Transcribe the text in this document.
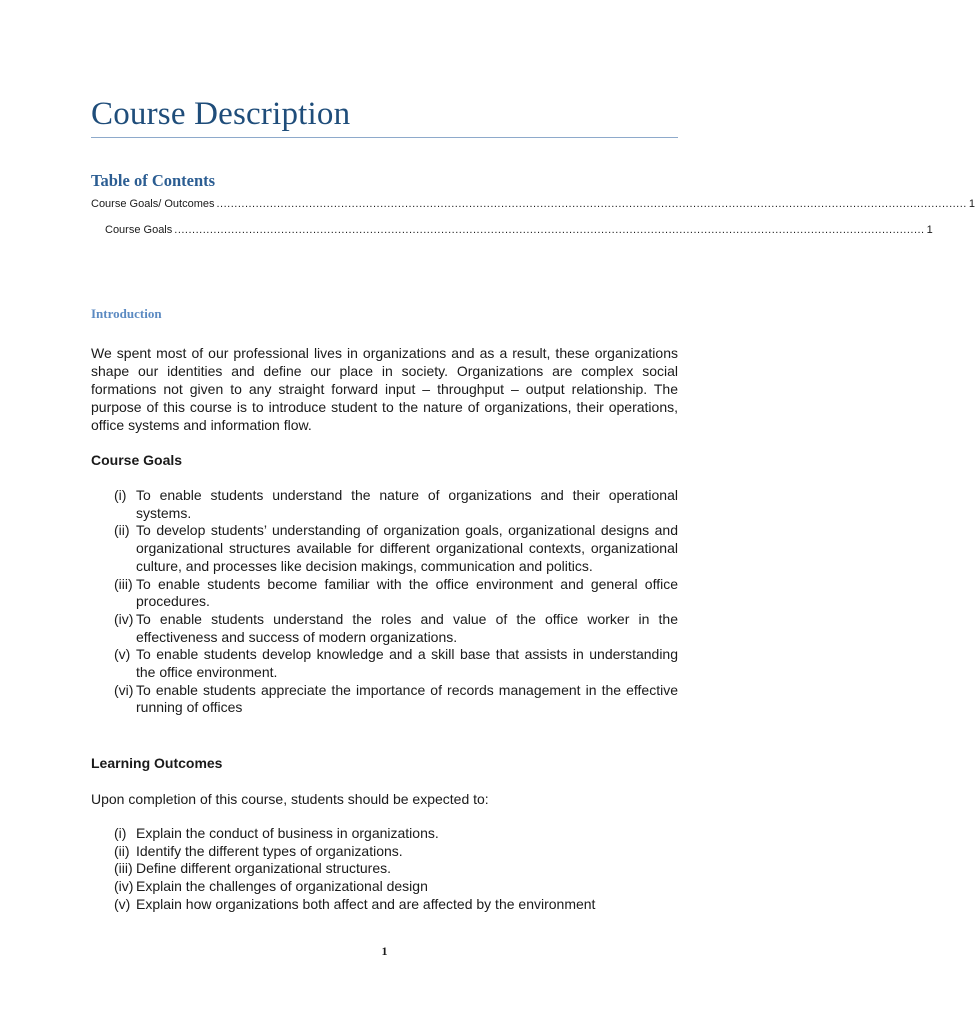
Course Description
Table of Contents
Course Goals/ Outcomes ................................................................................................................................................................................................................... 1
Course Goals ................................................................................................................................................................................................................... 1
Introduction
We spent most of our professional lives in organizations and as a result, these organizations shape our identities and define our place in society. Organizations are complex social formations not given to any straight forward input – throughput – output relationship. The purpose of this course is to introduce student to the nature of organizations, their operations, office systems and information flow.
Course Goals
(i) To enable students understand the nature of organizations and their operational systems.
(ii) To develop students’ understanding of organization goals, organizational designs and organizational structures available for different organizational contexts, organizational culture, and processes like decision makings, communication and politics.
(iii) To enable students become familiar with the office environment and general office procedures.
(iv) To enable students understand the roles and value of the office worker in the effectiveness and success of modern organizations.
(v) To enable students develop knowledge and a skill base that assists in understanding the office environment.
(vi) To enable students appreciate the importance of records management in the effective running of offices
Learning Outcomes
Upon completion of this course, students should be expected to:
(i) Explain the conduct of business in organizations.
(ii) Identify the different types of organizations.
(iii) Define different organizational structures.
(iv) Explain the challenges of organizational design
(v) Explain how organizations both affect and are affected by the environment
1
